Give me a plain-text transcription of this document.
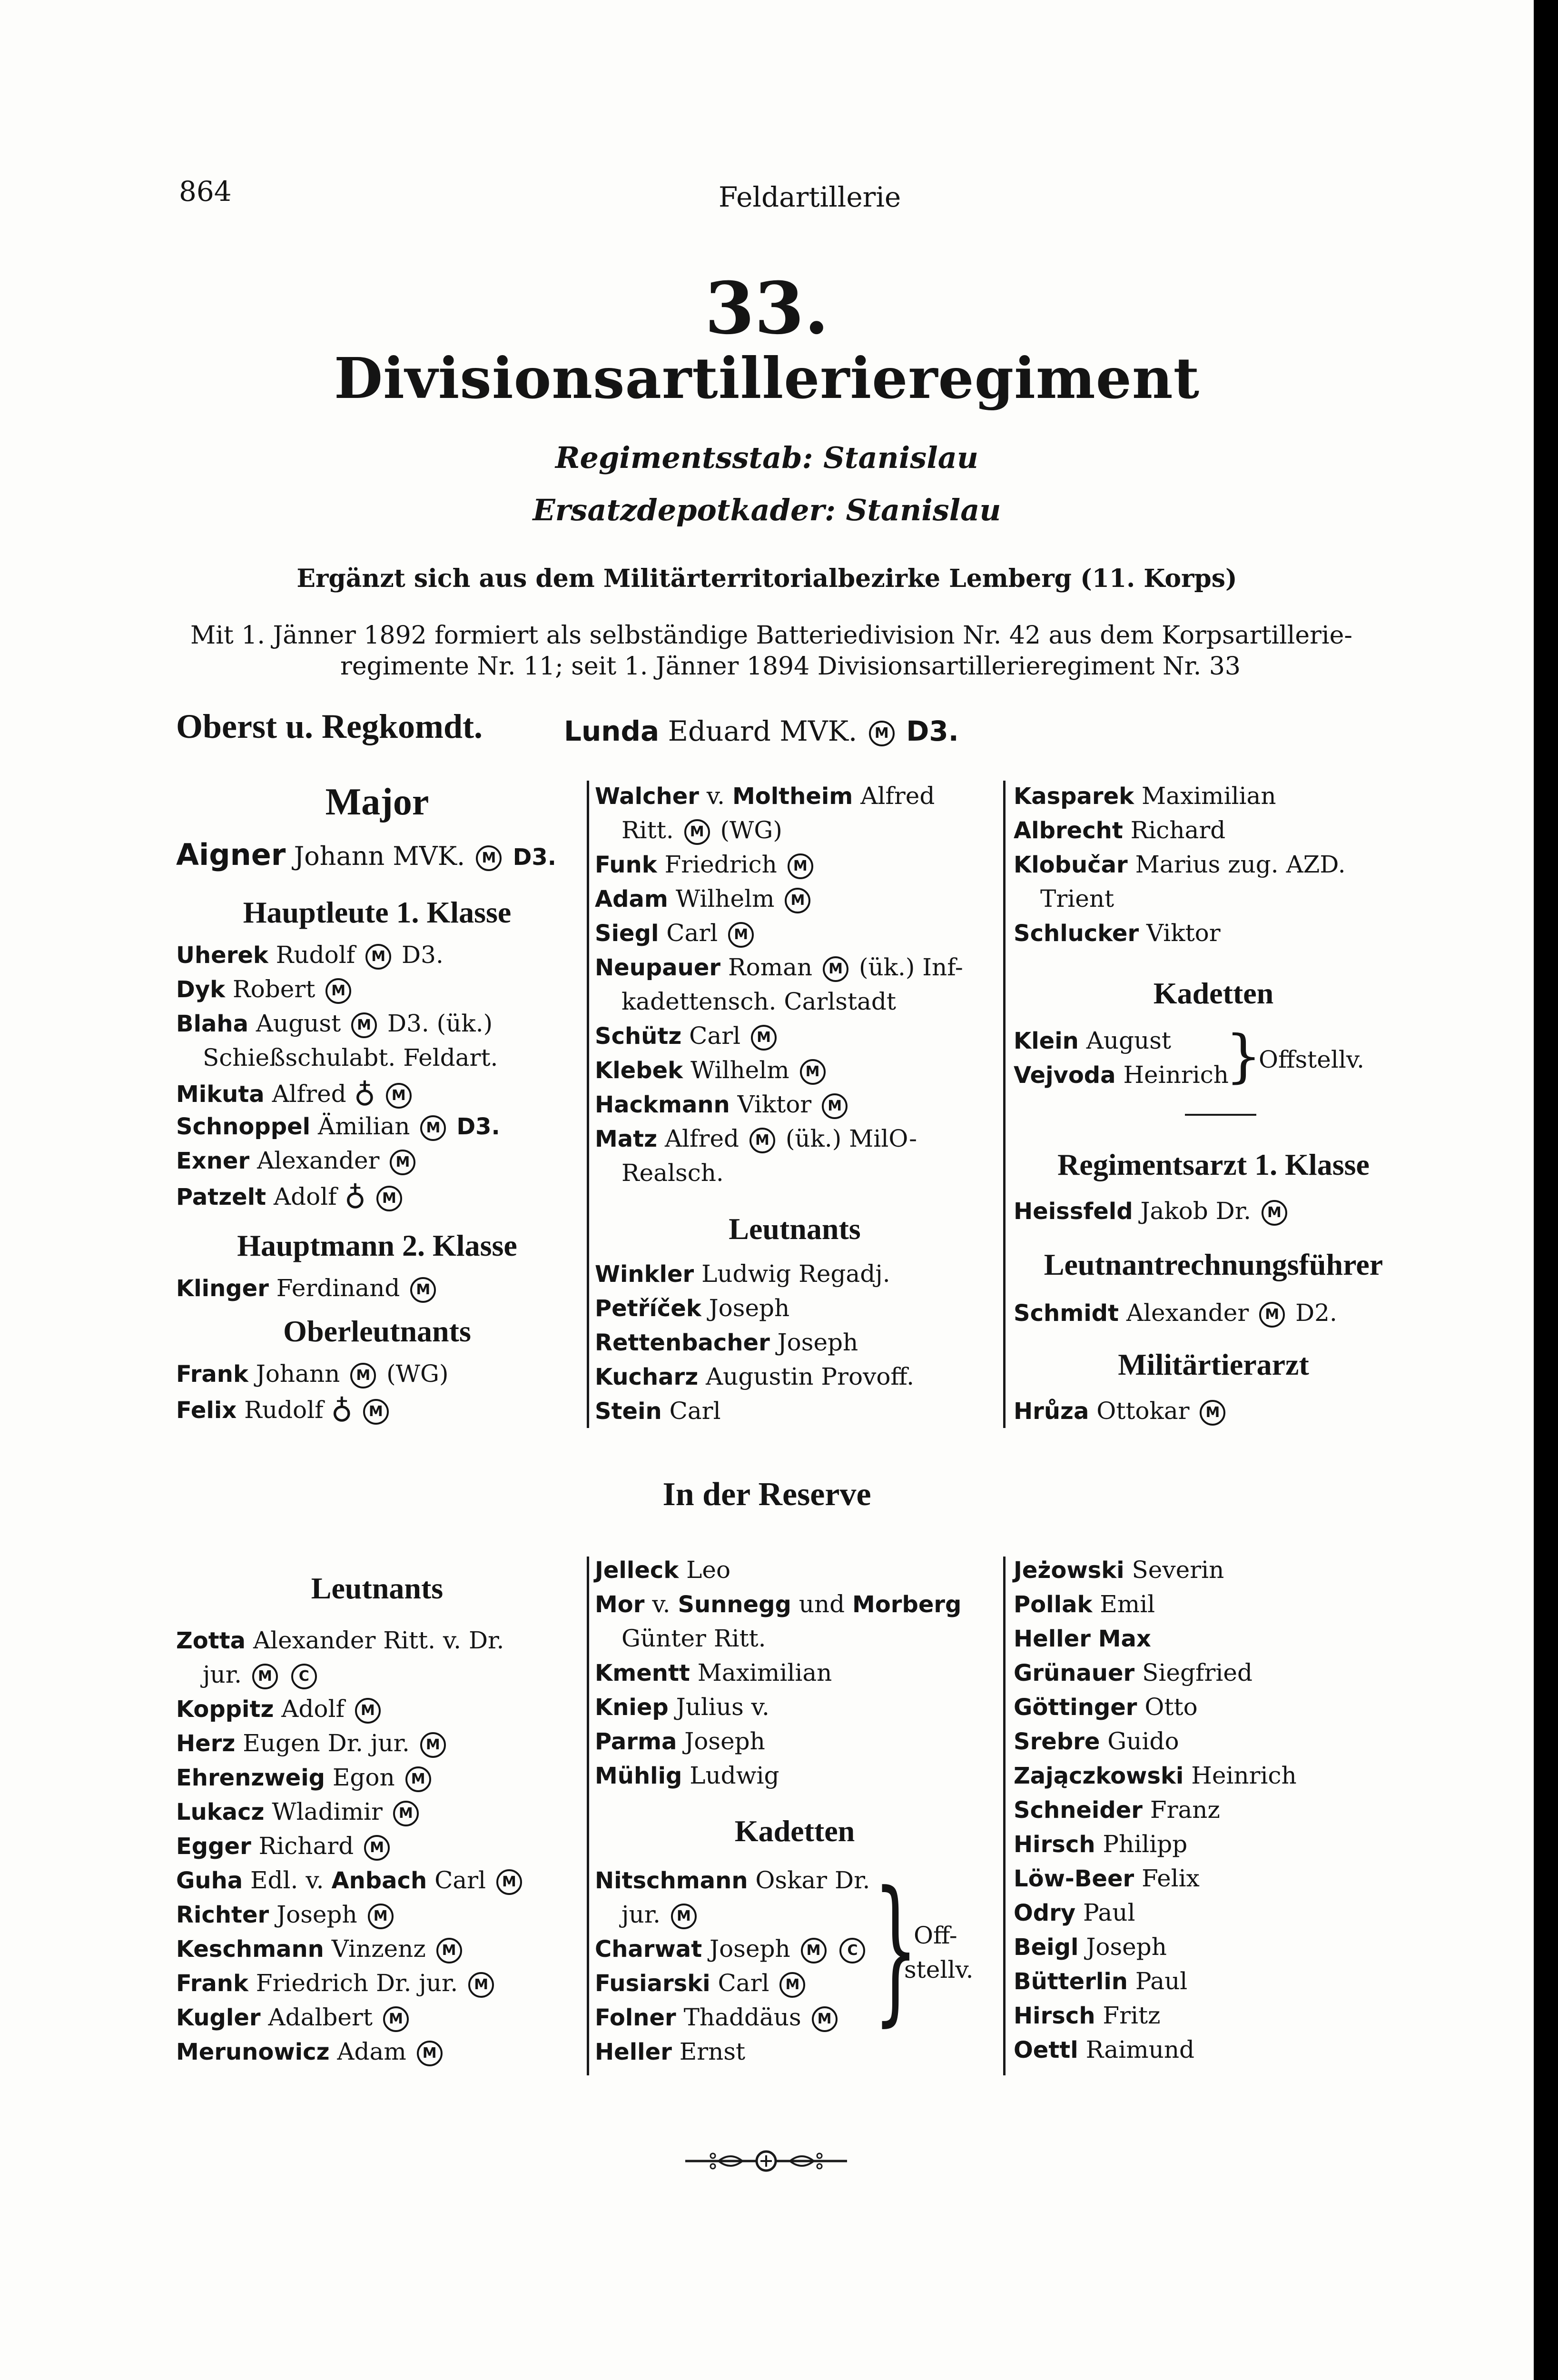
864	Feldartillerie
33.
Divisionsartillerieregiment
Regimentsstab: Stanislau
Ersatzdepotkader: Stanislau
Ergänzt sich aus dem Militärterritorialbezirke Lemberg (11. Korps)
Mit 1. Jänner 1892 formiert als selbständige Batteriedivision Nr. 42 aus dem Korpsartillerie-
regimente Nr. 11; seit 1. Jänner 1894 Divisionsartillerieregiment Nr. 33
Oberst u. Regkomdt.	Lunda Eduard MVK. M D3.
Major
Aigner Johann MVK. M D3.
Hauptleute 1. Klasse
Uherek Rudolf M D3.
Dyk Robert M
Blaha August M D3. (ük.)
Schießschulabt. Feldart.
Mikuta Alfred ♁ M
Schnoppel Ämilian M D3.
Exner Alexander M
Patzelt Adolf ♁ M
Hauptmann 2. Klasse
Klinger Ferdinand M
Oberleutnants
Frank Johann M (WG)
Felix Rudolf ♁ M
Walcher v. Moltheim Alfred
Ritt. M (WG)
Funk Friedrich M
Adam Wilhelm M
Siegl Carl M
Neupauer Roman M (ük.) Inf-
kadettensch. Carlstadt
Schütz Carl M
Klebek Wilhelm M
Hackmann Viktor M
Matz Alfred M (ük.) MilO-
Realsch.
Leutnants
Winkler Ludwig Regadj.
Petříček Joseph
Rettenbacher Joseph
Kucharz Augustin Provoff.
Stein Carl
Kasparek Maximilian
Albrecht Richard
Klobučar Marius zug. AZD.
Trient
Schlucker Viktor
Kadetten
Klein August
Vejvoda Heinrich
}
Offstellv.
Regimentsarzt 1. Klasse
Heissfeld Jakob Dr. M
Leutnantrechnungsführer
Schmidt Alexander M D2.
Militärtierarzt
Hrůza Ottokar M
In der Reserve
Leutnants
Zotta Alexander Ritt. v. Dr.
jur. M C
Koppitz Adolf M
Herz Eugen Dr. jur. M
Ehrenzweig Egon M
Lukacz Wladimir M
Egger Richard M
Guha Edl. v. Anbach Carl M
Richter Joseph M
Keschmann Vinzenz M
Frank Friedrich Dr. jur. M
Kugler Adalbert M
Merunowicz Adam M
Jelleck Leo
Mor v. Sunnegg und Morberg
Günter Ritt.
Kmentt Maximilian
Kniep Julius v.
Parma Joseph
Mühlig Ludwig
Kadetten
Nitschmann Oskar Dr.
jur. M
Charwat Joseph M C
Fusiarski Carl M
Folner Thaddäus M
Heller Ernst
}
Off-
stellv.
Jeżowski Severin
Pollak Emil
Heller Max
Grünauer Siegfried
Göttinger Otto
Srebre Guido
Zajączkowski Heinrich
Schneider Franz
Hirsch Philipp
Löw-Beer Felix
Odry Paul
Beigl Joseph
Bütterlin Paul
Hirsch Fritz
Oettl Raimund
